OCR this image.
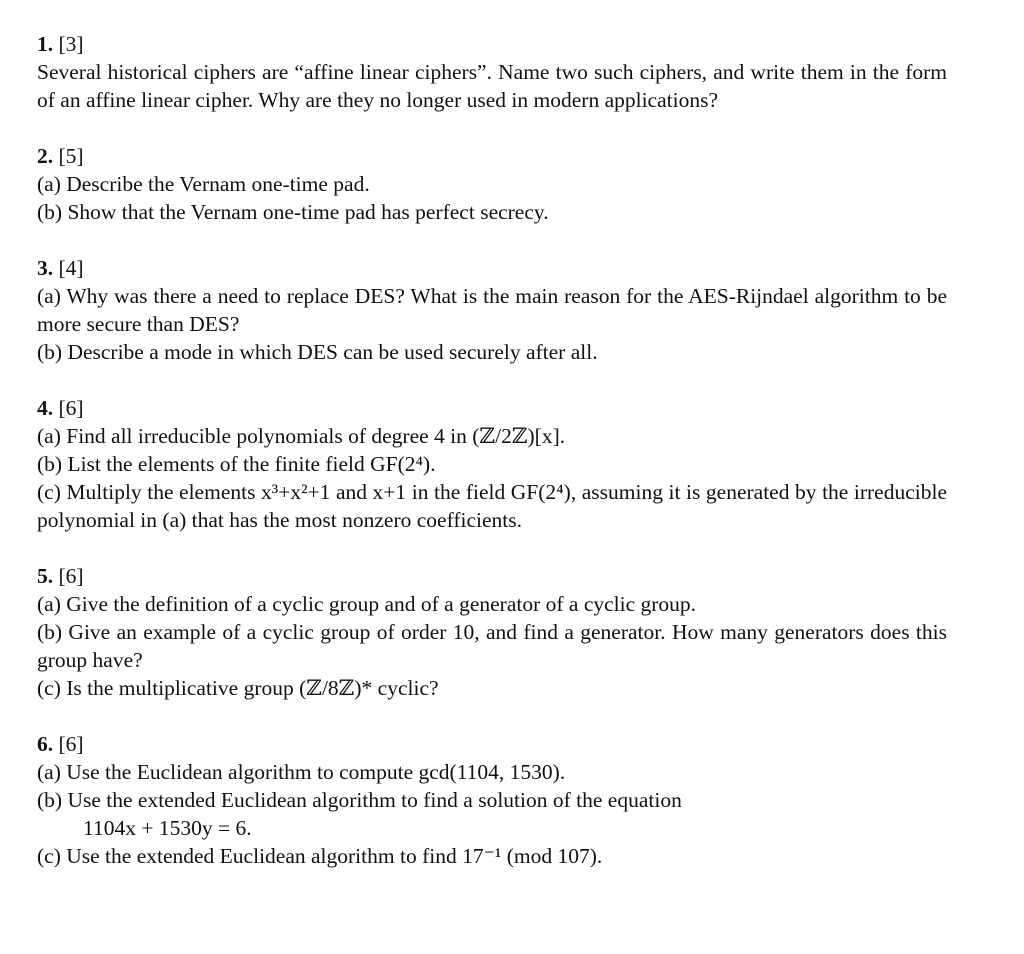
1. [3]
Several historical ciphers are “affine linear ciphers”. Name two such ciphers, and write them in the form of an affine linear cipher. Why are they no longer used in modern applications?
2. [5]
(a) Describe the Vernam one-time pad.
(b) Show that the Vernam one-time pad has perfect secrecy.
3. [4]
(a) Why was there a need to replace DES? What is the main reason for the AES-Rijndael algorithm to be more secure than DES?
(b) Describe a mode in which DES can be used securely after all.
4. [6]
(a) Find all irreducible polynomials of degree 4 in (ℤ/2ℤ)[x].
(b) List the elements of the finite field GF(2⁴).
(c) Multiply the elements x³+x²+1 and x+1 in the field GF(2⁴), assuming it is generated by the irreducible polynomial in (a) that has the most nonzero coefficients.
5. [6]
(a) Give the definition of a cyclic group and of a generator of a cyclic group.
(b) Give an example of a cyclic group of order 10, and find a generator. How many generators does this group have?
(c) Is the multiplicative group (ℤ/8ℤ)* cyclic?
6. [6]
(a) Use the Euclidean algorithm to compute gcd(1104, 1530).
(b) Use the extended Euclidean algorithm to find a solution of the equation
1104x + 1530y = 6.
(c) Use the extended Euclidean algorithm to find 17⁻¹ (mod 107).
